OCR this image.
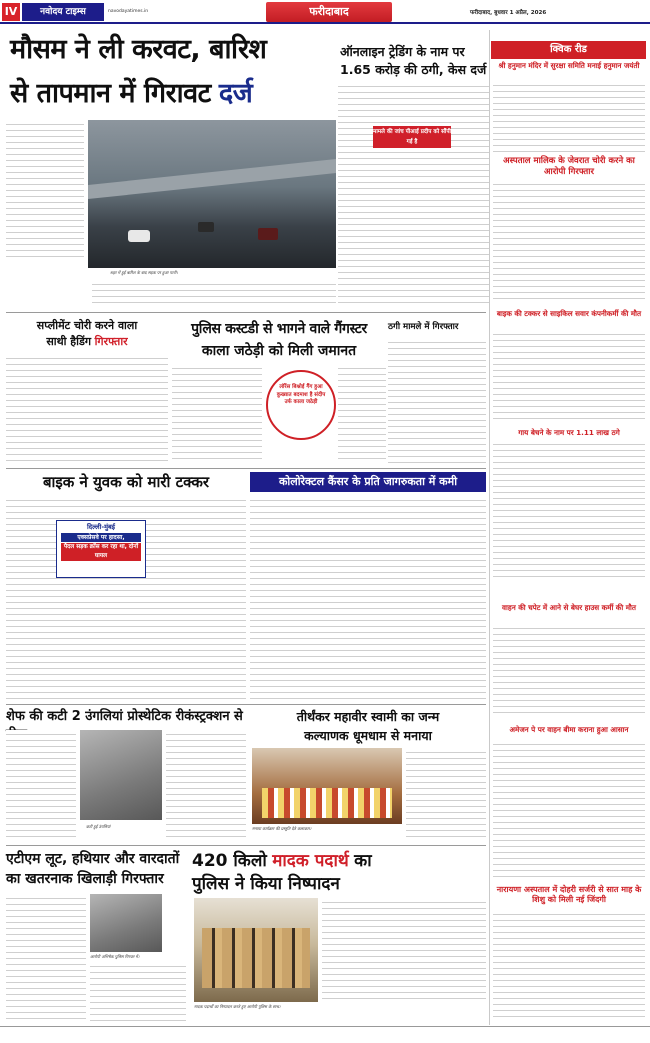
IV	नवोदय टाइम्स	navodayatimes.in	फरीदाबाद	फरीदाबाद, बुधवार 1 अप्रैल, 2026
मौसम ने ली करवट, बारिश
से तापमान में गिरावट दर्ज
शहर में हुई बारिश के बाद सड़क पर हुआ पानी।
ऑनलाइन ट्रेडिंग के नाम पर
1.65 करोड़ की ठगी, केस दर्ज
मामले की जांच पीआई प्रदीप को सौंपी गई है
क्विक रीड
श्री हनुमान मंदिर में सुरक्षा समिति मनाई हनुमान जयंती
अस्पताल मालिक के जेवरात चोरी करने का आरोपी गिरफ्तार
बाइक की टक्कर से साइकिल सवार कंपनीकर्मी की मौत
गाय बेचने के नाम पर 1.11 लाख ठगे
वाहन की चपेट में आने से बेघर हाउस कर्मी की मौत
अमेजन पे पर वाहन बीमा कराना हुआ आसान
नारायणा अस्पताल में दोहरी सर्जरी से सात माह के शिशु को मिली नई जिंदगी
सप्लीमेंट चोरी करने वाला
साथी हैडिंग गिरफ्तार
पुलिस कस्टडी से भागने वाले गैंगस्टर
काला जठेड़ी को मिली जमानत
लॉरेंस बिश्नोई गैंग हुआ कुख्यात बदमाश है संदीप उर्फ काला जठेड़ी
ठगी मामले में गिरफ्तार
बाइक ने युवक को मारी टक्कर
दिल्ली-मुंबई
एक्सप्रेसवे पर हादसा,
पैदल सड़क क्रॉस कर रहा था, दोनों घायल
कोलोरेक्टल कैंसर के प्रति जागरुकता में कमी
शेफ की कटी 2 उंगलियां प्रोस्थेटिक रीकंस्ट्रक्शन से
कटी हुई उंगलियां
तीर्थंकर महावीर स्वामी का जन्म
कल्याणक धूमधाम से मनाया
मनाया कार्यक्रम की प्रस्तुति देते कलाकार।
एटीएम लूट, हथियार और वारदातों
का खतरनाक खिलाड़ी गिरफ्तार
आरोपी अभिषेक पुलिस गिरफ्त में।
420 किलो मादक पदार्थ का
पुलिस ने किया निष्पादन
मादक पदार्थों का निष्पादन करते हुए आरोपी पुलिस के साथ।
